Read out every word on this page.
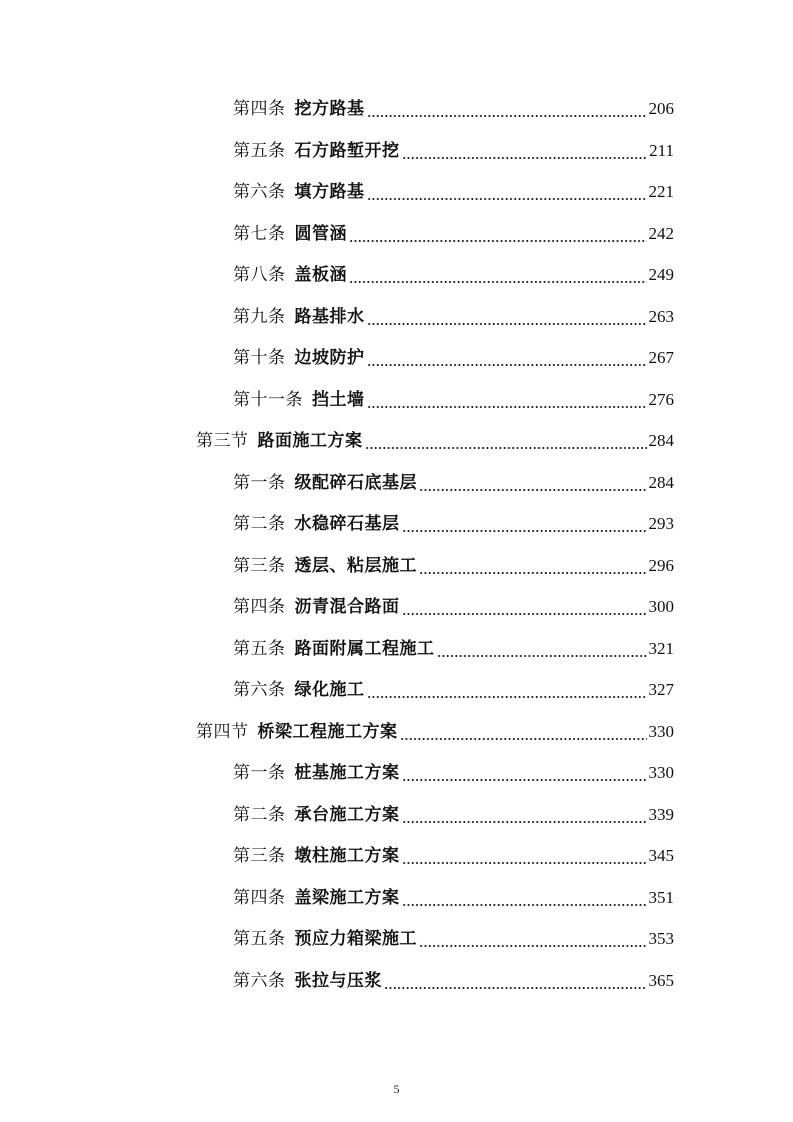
第四条 挖方路基	206
第五条 石方路堑开挖	211
第六条 填方路基	221
第七条 圆管涵	242
第八条 盖板涵	249
第九条 路基排水	263
第十条 边坡防护	267
第十一条 挡土墙	276
第三节 路面施工方案	284
第一条 级配碎石底基层	284
第二条 水稳碎石基层	293
第三条 透层、粘层施工	296
第四条 沥青混合路面	300
第五条 路面附属工程施工	321
第六条 绿化施工	327
第四节 桥梁工程施工方案	330
第一条 桩基施工方案	330
第二条 承台施工方案	339
第三条 墩柱施工方案	345
第四条 盖梁施工方案	351
第五条 预应力箱梁施工	353
第六条 张拉与压浆	365
5
